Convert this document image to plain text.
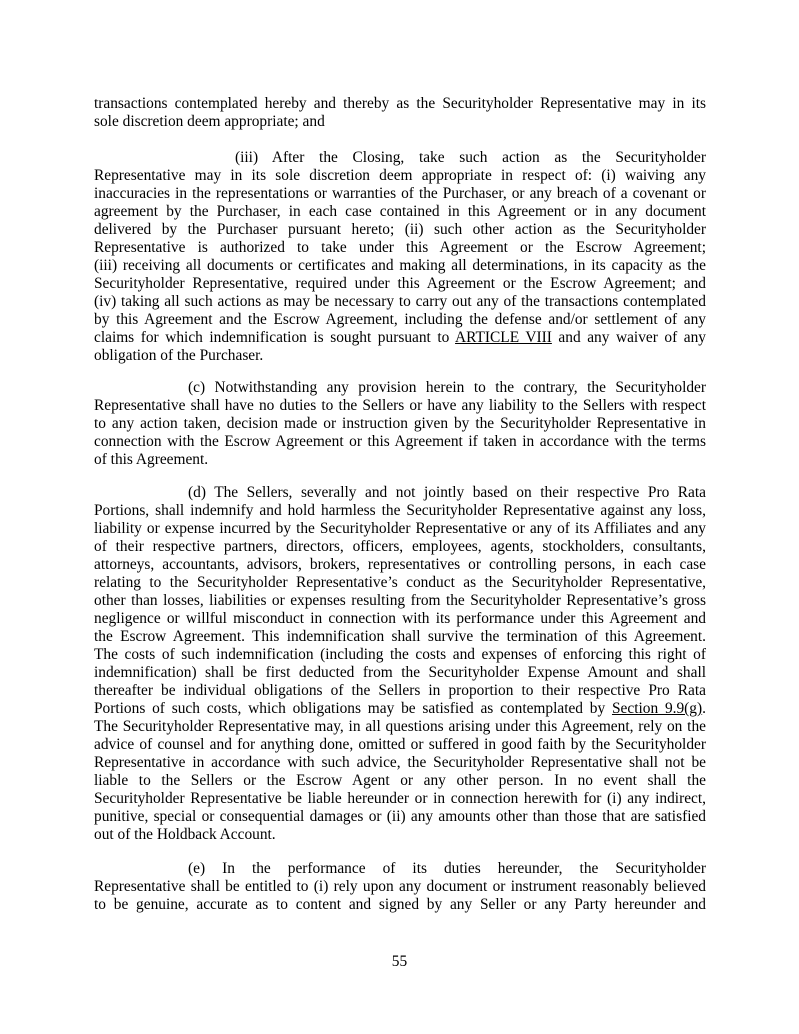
transactions contemplated hereby and thereby as the Securityholder Representative may in its
sole discretion deem appropriate; and
(iii) After the Closing, take such action as the Securityholder
Representative may in its sole discretion deem appropriate in respect of: (i) waiving any
inaccuracies in the representations or warranties of the Purchaser, or any breach of a covenant or
agreement by the Purchaser, in each case contained in this Agreement or in any document
delivered by the Purchaser pursuant hereto; (ii) such other action as the Securityholder
Representative is authorized to take under this Agreement or the Escrow Agreement;
(iii) receiving all documents or certificates and making all determinations, in its capacity as the
Securityholder Representative, required under this Agreement or the Escrow Agreement; and
(iv) taking all such actions as may be necessary to carry out any of the transactions contemplated
by this Agreement and the Escrow Agreement, including the defense and/or settlement of any
claims for which indemnification is sought pursuant to ARTICLE VIII and any waiver of any
obligation of the Purchaser.
(c) Notwithstanding any provision herein to the contrary, the Securityholder
Representative shall have no duties to the Sellers or have any liability to the Sellers with respect
to any action taken, decision made or instruction given by the Securityholder Representative in
connection with the Escrow Agreement or this Agreement if taken in accordance with the terms
of this Agreement.
(d) The Sellers, severally and not jointly based on their respective Pro Rata
Portions, shall indemnify and hold harmless the Securityholder Representative against any loss,
liability or expense incurred by the Securityholder Representative or any of its Affiliates and any
of their respective partners, directors, officers, employees, agents, stockholders, consultants,
attorneys, accountants, advisors, brokers, representatives or controlling persons, in each case
relating to the Securityholder Representative’s conduct as the Securityholder Representative,
other than losses, liabilities or expenses resulting from the Securityholder Representative’s gross
negligence or willful misconduct in connection with its performance under this Agreement and
the Escrow Agreement. This indemnification shall survive the termination of this Agreement.
The costs of such indemnification (including the costs and expenses of enforcing this right of
indemnification) shall be first deducted from the Securityholder Expense Amount and shall
thereafter be individual obligations of the Sellers in proportion to their respective Pro Rata
Portions of such costs, which obligations may be satisfied as contemplated by Section 9.9(g).
The Securityholder Representative may, in all questions arising under this Agreement, rely on the
advice of counsel and for anything done, omitted or suffered in good faith by the Securityholder
Representative in accordance with such advice, the Securityholder Representative shall not be
liable to the Sellers or the Escrow Agent or any other person. In no event shall the
Securityholder Representative be liable hereunder or in connection herewith for (i) any indirect,
punitive, special or consequential damages or (ii) any amounts other than those that are satisfied
out of the Holdback Account.
(e) In the performance of its duties hereunder, the Securityholder
Representative shall be entitled to (i) rely upon any document or instrument reasonably believed
to be genuine, accurate as to content and signed by any Seller or any Party hereunder and
55
